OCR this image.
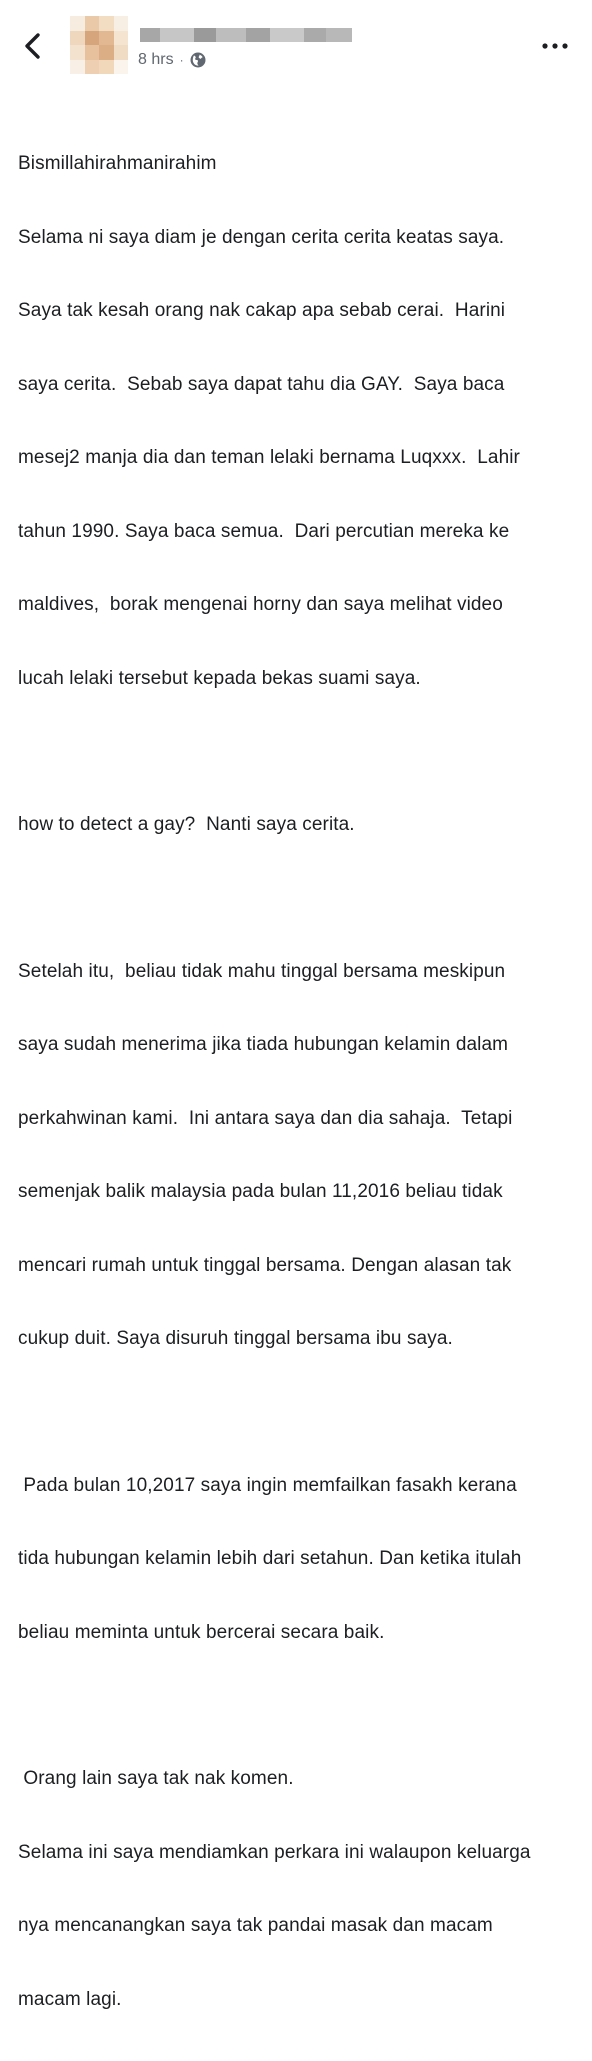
8 hrs ·

Bismillahirahmanirahim

Selama ni saya diam je dengan cerita cerita keatas saya.

Saya tak kesah orang nak cakap apa sebab cerai.  Harini

saya cerita.  Sebab saya dapat tahu dia GAY.  Saya baca

mesej2 manja dia dan teman lelaki bernama Luqxxx.  Lahir

tahun 1990. Saya baca semua.  Dari percutian mereka ke

maldives,  borak mengenai horny dan saya melihat video

lucah lelaki tersebut kepada bekas suami saya.

how to detect a gay?  Nanti saya cerita.

Setelah itu,  beliau tidak mahu tinggal bersama meskipun

saya sudah menerima jika tiada hubungan kelamin dalam

perkahwinan kami.  Ini antara saya dan dia sahaja.  Tetapi

semenjak balik malaysia pada bulan 11,2016 beliau tidak

mencari rumah untuk tinggal bersama. Dengan alasan tak

cukup duit. Saya disuruh tinggal bersama ibu saya.

Pada bulan 10,2017 saya ingin memfailkan fasakh kerana

tida hubungan kelamin lebih dari setahun. Dan ketika itulah

beliau meminta untuk bercerai secara baik.

Orang lain saya tak nak komen.

Selama ini saya mendiamkan perkara ini walaupon keluarga

nya mencanangkan saya tak pandai masak dan macam

macam lagi.
